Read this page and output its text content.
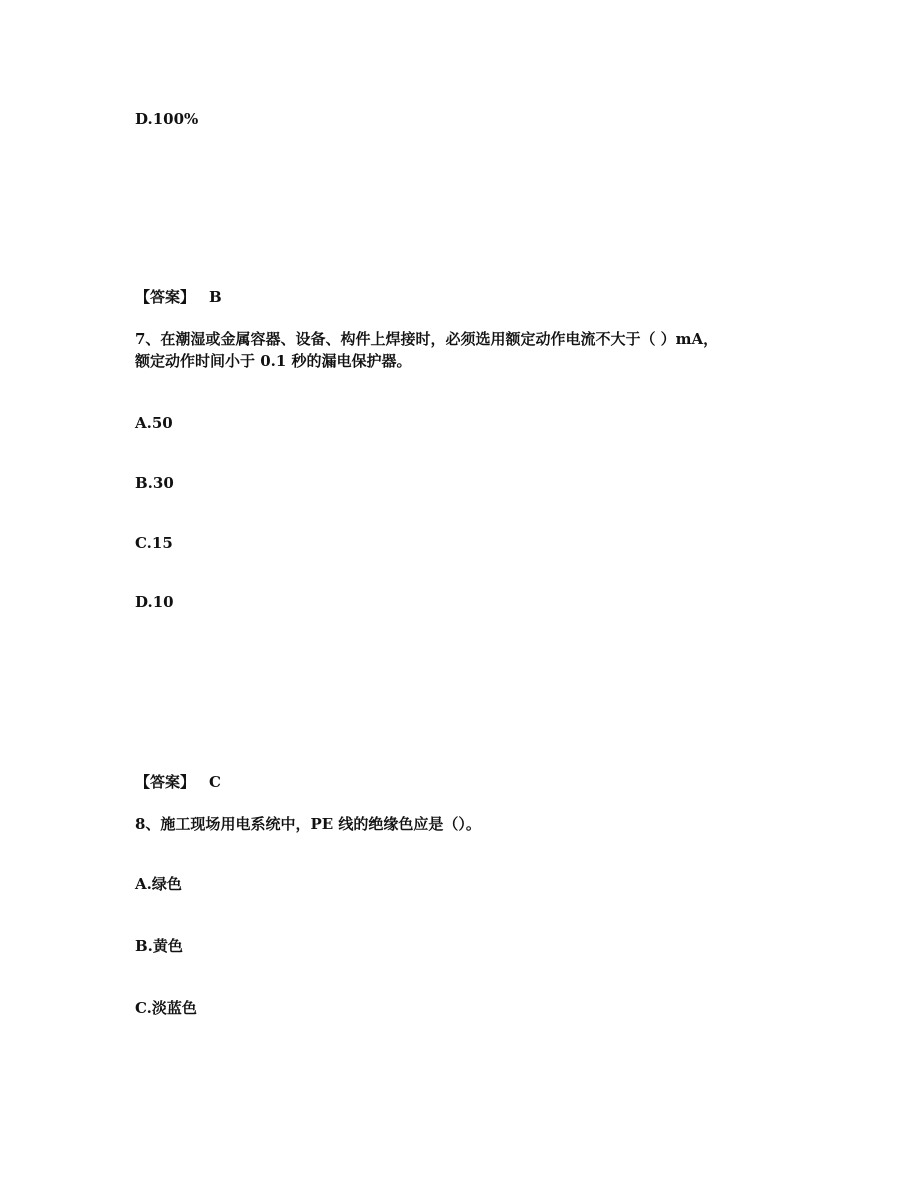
D.100%
【答案】 B
7、在潮湿或金属容器、设备、构件上焊接时，必须选用额定动作电流不大于（ ）mA，
额定动作时间小于 0.1 秒的漏电保护器。
A.50
B.30
C.15
D.10
【答案】 C
8、施工现场用电系统中，PE 线的绝缘色应是（）。
A.绿色
B.黄色
C.淡蓝色
